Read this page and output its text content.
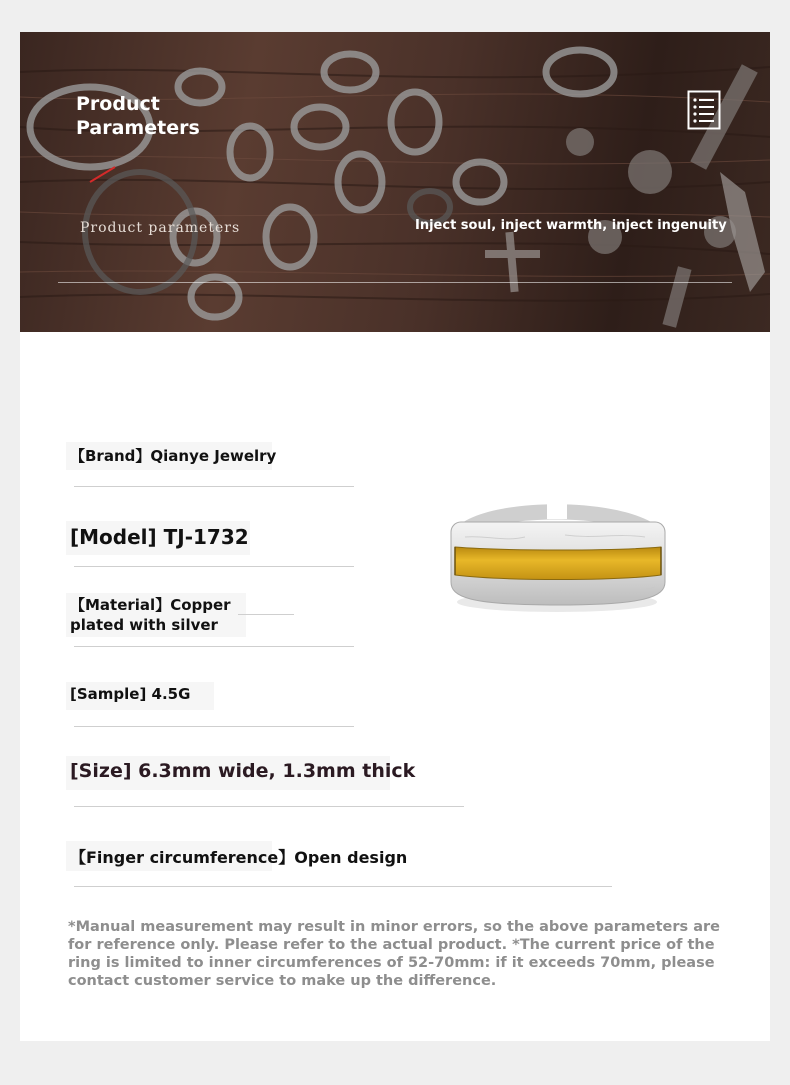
Product
Parameters
Product parameters	Inject soul, inject warmth, inject ingenuity
【Brand】Qianye Jewelry
[Model] TJ-1732
【Material】Copper plated with silver
[Sample] 4.5G
[Size] 6.3mm wide, 1.3mm thick
【Finger circumference】Open design
*Manual measurement may result in minor errors, so the above parameters are for reference only. Please refer to the actual product. *The current price of the ring is limited to inner circumferences of 52-70mm: if it exceeds 70mm, please contact customer service to make up the difference.
